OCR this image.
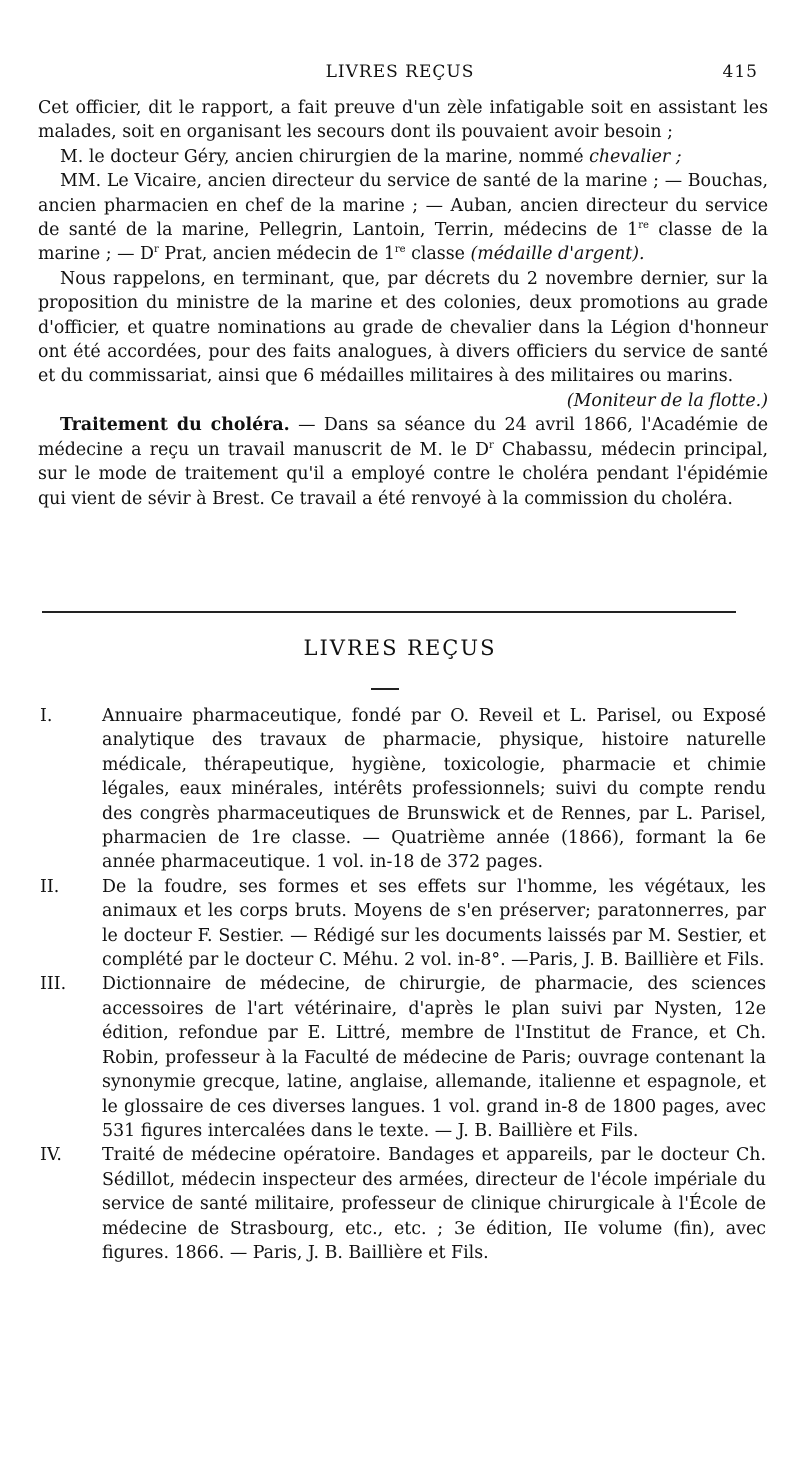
LIVRES REÇUS	415

Cet officier, dit le rapport, a fait preuve d'un zèle infatigable soit en assistant les malades, soit en organisant les secours dont ils pouvaient avoir besoin ;

M. le docteur Géry, ancien chirurgien de la marine, nommé chevalier ;

MM. Le Vicaire, ancien directeur du service de santé de la marine ; — Bouchas, ancien pharmacien en chef de la marine ; — Auban, ancien directeur du service de santé de la marine, Pellegrin, Lantoin, Terrin, médecins de 1re classe de la marine ; — $D^r$ Prat, ancien médecin de 1re classe (médaille d'argent).

Nous rappelons, en terminant, que, par décrets du 2 novembre dernier, sur la proposition du ministre de la marine et des colonies, deux promotions au grade d'officier, et quatre nominations au grade de chevalier dans la Légion d'honneur ont été accordées, pour des faits analogues, à divers officiers du service de santé et du commissariat, ainsi que 6 médailles militaires à des militaires ou marins.
(Moniteur de la flotte.)

Traitement du choléra. — Dans sa séance du 24 avril 1866, l'Académie de médecine a reçu un travail manuscrit de M. le $D^r$ Chabassu, médecin principal, sur le mode de traitement qu'il a employé contre le choléra pendant l'épidémie qui vient de sévir à Brest. Ce travail a été renvoyé à la commission du choléra.

LIVRES REÇUS
I.	Annuaire pharmaceutique, fondé par O. Reveil et L. Parisel, ou Exposé analytique des travaux de pharmacie, physique, histoire naturelle médicale, thérapeutique, hygiène, toxicologie, pharmacie et chimie légales, eaux minérales, intérêts professionnels; suivi du compte rendu des congrès pharmaceutiques de Brunswick et de Rennes, par L. Parisel, pharmacien de 1re classe. — Quatrième année (1866), formant la 6e année pharmaceutique. 1 vol. in-18 de 372 pages.
II.	De la foudre, ses formes et ses effets sur l'homme, les végétaux, les animaux et les corps bruts. Moyens de s'en préserver; paratonnerres, par le docteur F. Sestier. — Rédigé sur les documents laissés par M. Sestier, et complété par le docteur C. Méhu. 2 vol. in-8°. —Paris, J. B. Baillière et Fils.
III.	Dictionnaire de médecine, de chirurgie, de pharmacie, des sciences accessoires de l'art vétérinaire, d'après le plan suivi par Nysten, 12e édition, refondue par E. Littré, membre de l'Institut de France, et Ch. Robin, professeur à la Faculté de médecine de Paris; ouvrage contenant la synonymie grecque, latine, anglaise, allemande, italienne et espagnole, et le glossaire de ces diverses langues. 1 vol. grand in-8 de 1800 pages, avec 531 figures intercalées dans le texte. — J. B. Baillière et Fils.
IV.	Traité de médecine opératoire. Bandages et appareils, par le docteur Ch. Sédillot, médecin inspecteur des armées, directeur de l'école impériale du service de santé militaire, professeur de clinique chirurgicale à l'École de médecine de Strasbourg, etc., etc. ; 3e édition, IIe volume (fin), avec figures. 1866. — Paris, J. B. Baillière et Fils.
